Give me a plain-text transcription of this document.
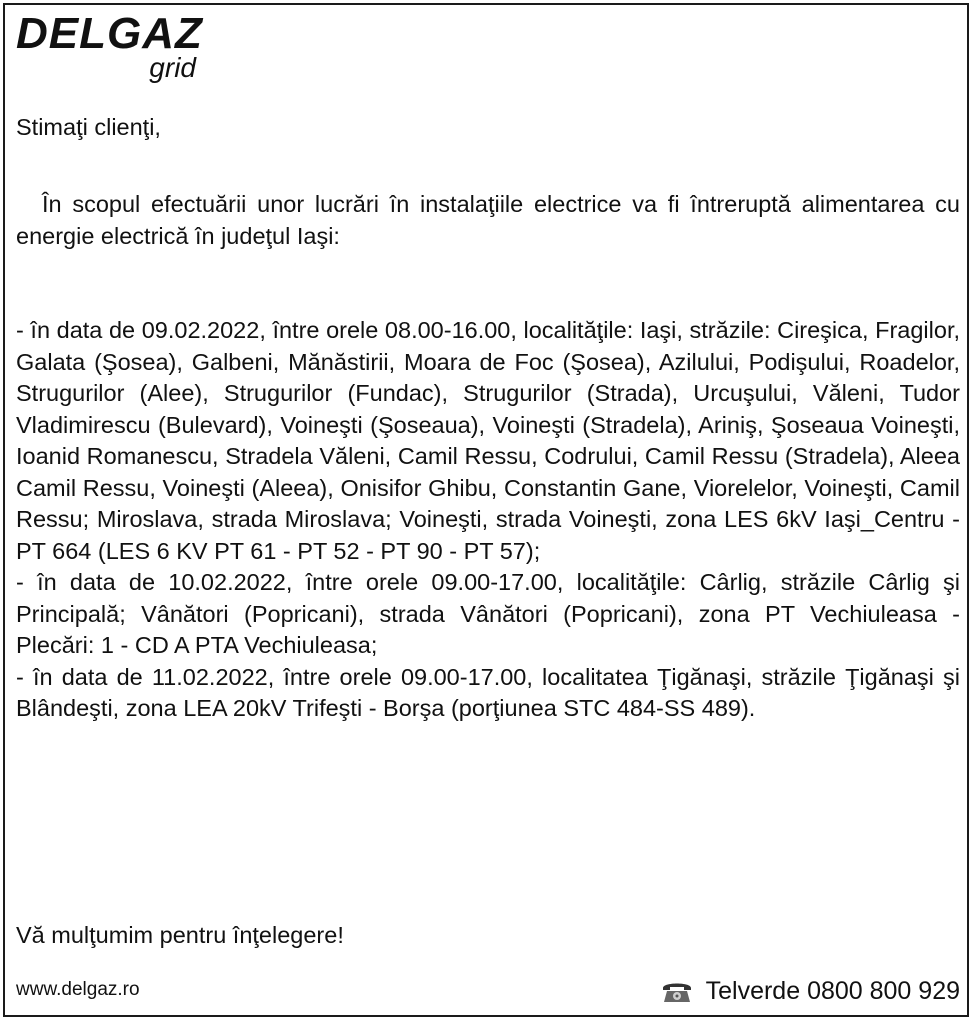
DELGAZ
grid
Stimaţi clienţi,
În scopul efectuării unor lucrări în instalaţiile electrice va fi întreruptă alimentarea cu energie electrică în judeţul Iaşi:

- în data de 09.02.2022, între orele 08.00-16.00, localităţile: Iaşi, străzile: Cireşica, Fragilor, Galata (Şosea), Galbeni, Mănăstirii, Moara de Foc (Şosea), Azilului, Podişului, Roadelor, Strugurilor (Alee), Strugurilor (Fundac), Strugurilor (Strada), Urcuşului, Văleni, Tudor Vladimirescu (Bulevard), Voineşti (Şoseaua), Voineşti (Stradela), Ariniş, Şoseaua Voineşti, Ioanid Romanescu, Stradela Văleni, Camil Ressu, Codrului, Camil Ressu (Stradela), Aleea Camil Ressu, Voineşti (Aleea), Onisifor Ghibu, Constantin Gane, Viorelelor, Voineşti, Camil Ressu; Miroslava, strada Miroslava; Voineşti, strada Voineşti, zona LES 6kV Iaşi_Centru - PT 664 (LES 6 KV PT 61 - PT 52 - PT 90 - PT 57);

- în data de 10.02.2022, între orele 09.00-17.00, localităţile: Cârlig, străzile Cârlig şi Principală; Vânători (Popricani), strada Vânători (Popricani), zona PT Vechiuleasa - Plecări: 1 - CD A PTA Vechiuleasa;

- în data de 11.02.2022, între orele 09.00-17.00, localitatea Ţigănaşi, străzile Ţigănaşi şi Blândeşti, zona LEA 20kV Trifeşti - Borşa (porţiunea STC 484-SS 489).

Vă mulţumim pentru înţelegere!
www.delgaz.ro	Telverde 0800 800 929
